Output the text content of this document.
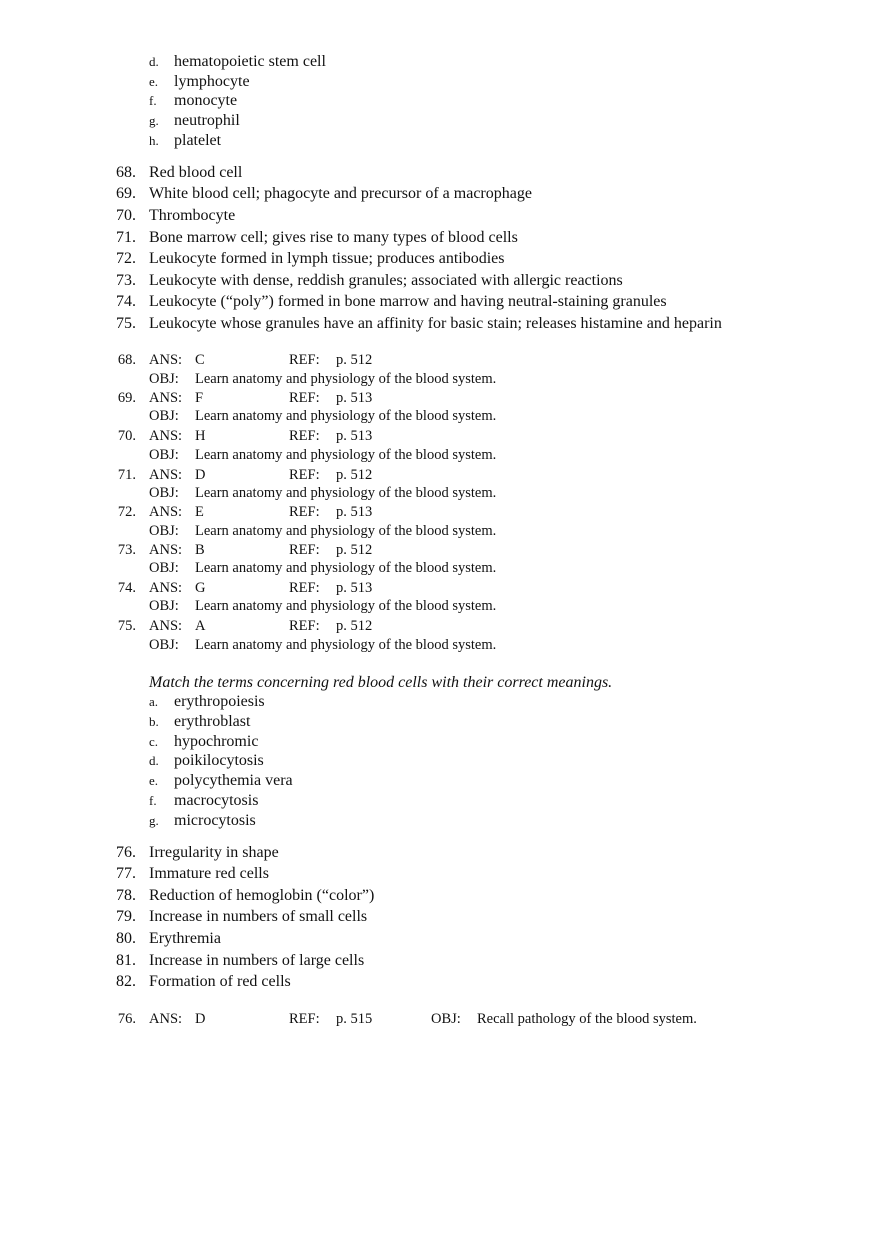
d. hematopoietic stem cell
e. lymphocyte
f. monocyte
g. neutrophil
h. platelet
68. Red blood cell
69. White blood cell; phagocyte and precursor of a macrophage
70. Thrombocyte
71. Bone marrow cell; gives rise to many types of blood cells
72. Leukocyte formed in lymph tissue; produces antibodies
73. Leukocyte with dense, reddish granules; associated with allergic reactions
74. Leukocyte (“poly”) formed in bone marrow and having neutral-staining granules
75. Leukocyte whose granules have an affinity for basic stain; releases histamine and heparin
68. ANS: C	REF: p. 512
OBJ: Learn anatomy and physiology of the blood system.
69. ANS: F	REF: p. 513
OBJ: Learn anatomy and physiology of the blood system.
70. ANS: H	REF: p. 513
OBJ: Learn anatomy and physiology of the blood system.
71. ANS: D	REF: p. 512
OBJ: Learn anatomy and physiology of the blood system.
72. ANS: E	REF: p. 513
OBJ: Learn anatomy and physiology of the blood system.
73. ANS: B	REF: p. 512
OBJ: Learn anatomy and physiology of the blood system.
74. ANS: G	REF: p. 513
OBJ: Learn anatomy and physiology of the blood system.
75. ANS: A	REF: p. 512
OBJ: Learn anatomy and physiology of the blood system.
Match the terms concerning red blood cells with their correct meanings.
a. erythropoiesis
b. erythroblast
c. hypochromic
d. poikilocytosis
e. polycythemia vera
f. macrocytosis
g. microcytosis
76. Irregularity in shape
77. Immature red cells
78. Reduction of hemoglobin (“color”)
79. Increase in numbers of small cells
80. Erythremia
81. Increase in numbers of large cells
82. Formation of red cells
76. ANS: D	REF: p. 515	OBJ: Recall pathology of the blood system.
